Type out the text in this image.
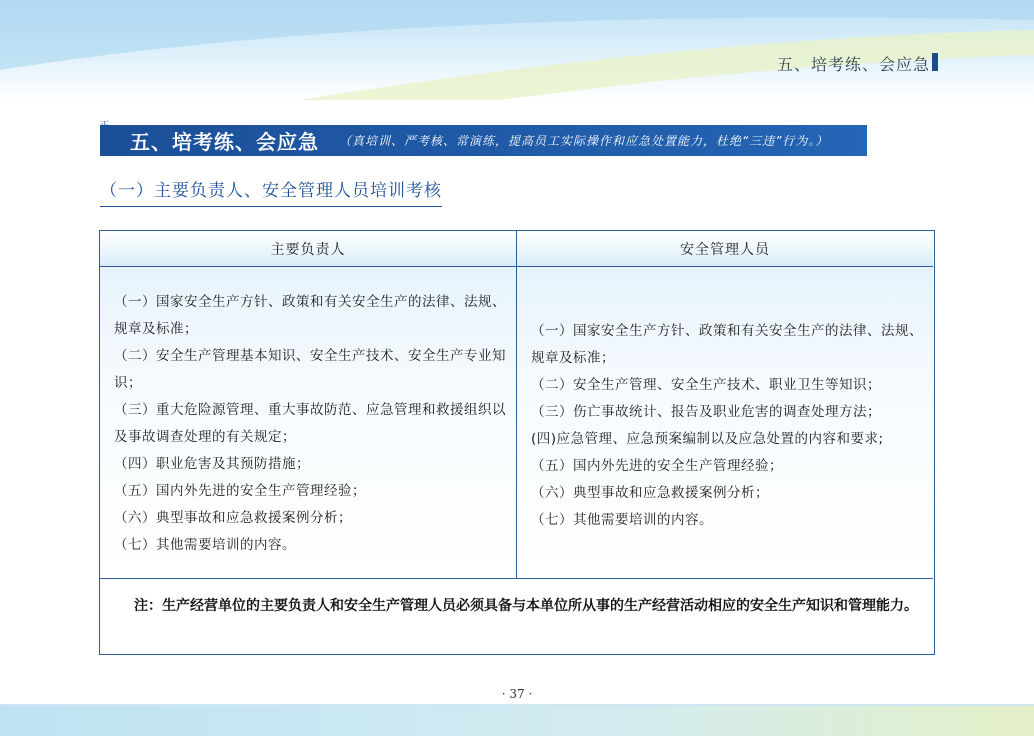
五、培考练、会应急
五、培考练、会应急 （真培训、严考核、常演练，提高员工实际操作和应急处置能力，杜绝“三违”行为。）
（一）主要负责人、安全管理人员培训考核
主要负责人	安全管理人员

（一）国家安全生产方针、政策和有关安全生产的法律、法规、规章及标准；

（二）安全生产管理基本知识、安全生产技术、安全生产专业知识；

（三）重大危险源管理、重大事故防范、应急管理和救援组织以及事故调查处理的有关规定；

（四）职业危害及其预防措施；

（五）国内外先进的安全生产管理经验；

（六）典型事故和应急救援案例分析；

（七）其他需要培训的内容。

（一）国家安全生产方针、政策和有关安全生产的法律、法规、规章及标准；

（二）安全生产管理、安全生产技术、职业卫生等知识；

（三）伤亡事故统计、报告及职业危害的调查处理方法；

(四)应急管理、应急预案编制以及应急处置的内容和要求;

（五）国内外先进的安全生产管理经验；

（六）典型事故和应急救援案例分析；

（七）其他需要培训的内容。

注：生产经营单位的主要负责人和安全生产管理人员必须具备与本单位所从事的生产经营活动相应的安全生产知识和管理能力。

· 37 ·
